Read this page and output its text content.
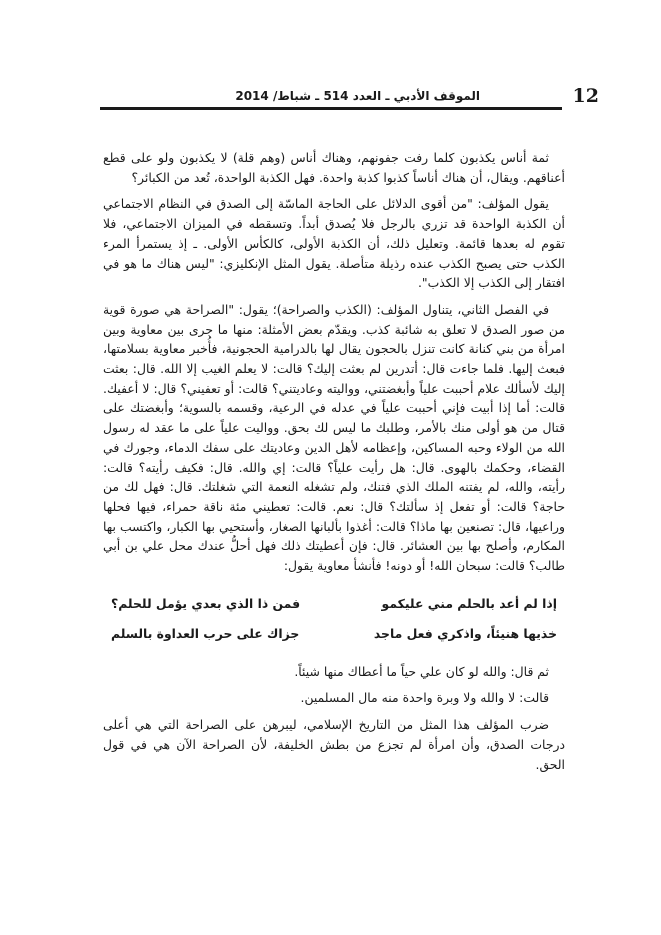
12
الموقف الأدبي ـ العدد 514 ـ شباط/ 2014

ثمة أناس يكذبون كلما رفت جفونهم، وهناك أناس (وهم قلة) لا يكذبون ولو على قطع أعناقهم. ويقال، أن هناك أناساً كذبوا كذبة واحدة. فهل الكذبة الواحدة، تُعد من الكبائر؟

يقول المؤلف: "من أقوى الدلائل على الحاجة الماسّة إلى الصدق في النظام الاجتماعي أن الكذبة الواحدة قد تزري بالرجل فلا يُصدق أبداً. وتسقطه في الميزان الاجتماعي، فلا تقوم له بعدها قائمة. وتعليل ذلك، أن الكذبة الأولى، كالكأس الأولى. ـ إذ يستمرأ المرء الكذب حتى يصبح الكذب عنده رذيلة متأصلة. يقول المثل الإنكليزي: "ليس هناك ما هو في افتقار إلى الكذب إلا الكذب".

في الفصل الثاني، يتناول المؤلف: (الكذب والصراحة)؛ يقول: "الصراحة هي صورة قوية من صور الصدق لا تعلق به شائبة كذب. ويقدّم بعض الأمثلة: منها ما جرى بين معاوية وبين امرأة من بني كنانة كانت تنزل بالحجون يقال لها بالدرامية الحجونية، فأُخبر معاوية بسلامتها، فبعث إليها. فلما جاءت قال: أتدرين لم بعثت إليك؟ قالت: لا يعلم الغيب إلا الله. قال: بعثت إليك لأسألك علام أحببت علياً وأبغضتني، وواليته وعاديتني؟ قالت: أو تعفيني؟ قال: لا أعفيك. قالت: أما إذا أبيت فإني أحببت علياً في عدله في الرعية، وقسمه بالسوية؛ وأبغضتك على قتال من هو أولى منك بالأمر، وطلبك ما ليس لك بحق. وواليت علياً على ما عقد له رسول الله من الولاء وحبه المساكين، وإعظامه لأهل الدين وعاديتك على سفك الدماء، وجورك في القضاء، وحكمك بالهوى. قال: هل رأيت علياً؟ قالت: إي والله. قال: فكيف رأيته؟ قالت: رأيته، والله، لم يفتنه الملك الذي فتنك، ولم تشغله النعمة التي شغلتك. قال: فهل لك من حاجة؟ قالت: أو تفعل إذ سألتك؟ قال: نعم. قالت: تعطيني مئة ناقة حمراء، فيها فحلها وراعيها، قال: تصنعين بها ماذا؟ قالت: أغذوا بألبانها الصغار، وأستحيي بها الكبار، واكتسب بها المكارم، وأصلح بها بين العشائر. قال: فإن أعطيتك ذلك فهل أحلُّ عندك محل علي بن أبي طالب؟ قالت: سبحان الله! أو دونه! فأنشأ معاوية يقول:

إذا لم أعد بالحلم مني عليكمو
فمن ذا الذي بعدي يؤمل للحلم؟
خذيها هنيئاً، واذكري فعل ماجد
جزاك على حرب العداوة بالسلم

ثم قال: والله لو كان علي حياً ما أعطاك منها شيئاً.

قالت: لا والله ولا وبرة واحدة منه مال المسلمين.

ضرب المؤلف هذا المثل من التاريخ الإسلامي، ليبرهن على الصراحة التي هي أعلى درجات الصدق، وأن امرأة لم تجزع من بطش الخليفة، لأن الصراحة الآن هي في قول الحق.
